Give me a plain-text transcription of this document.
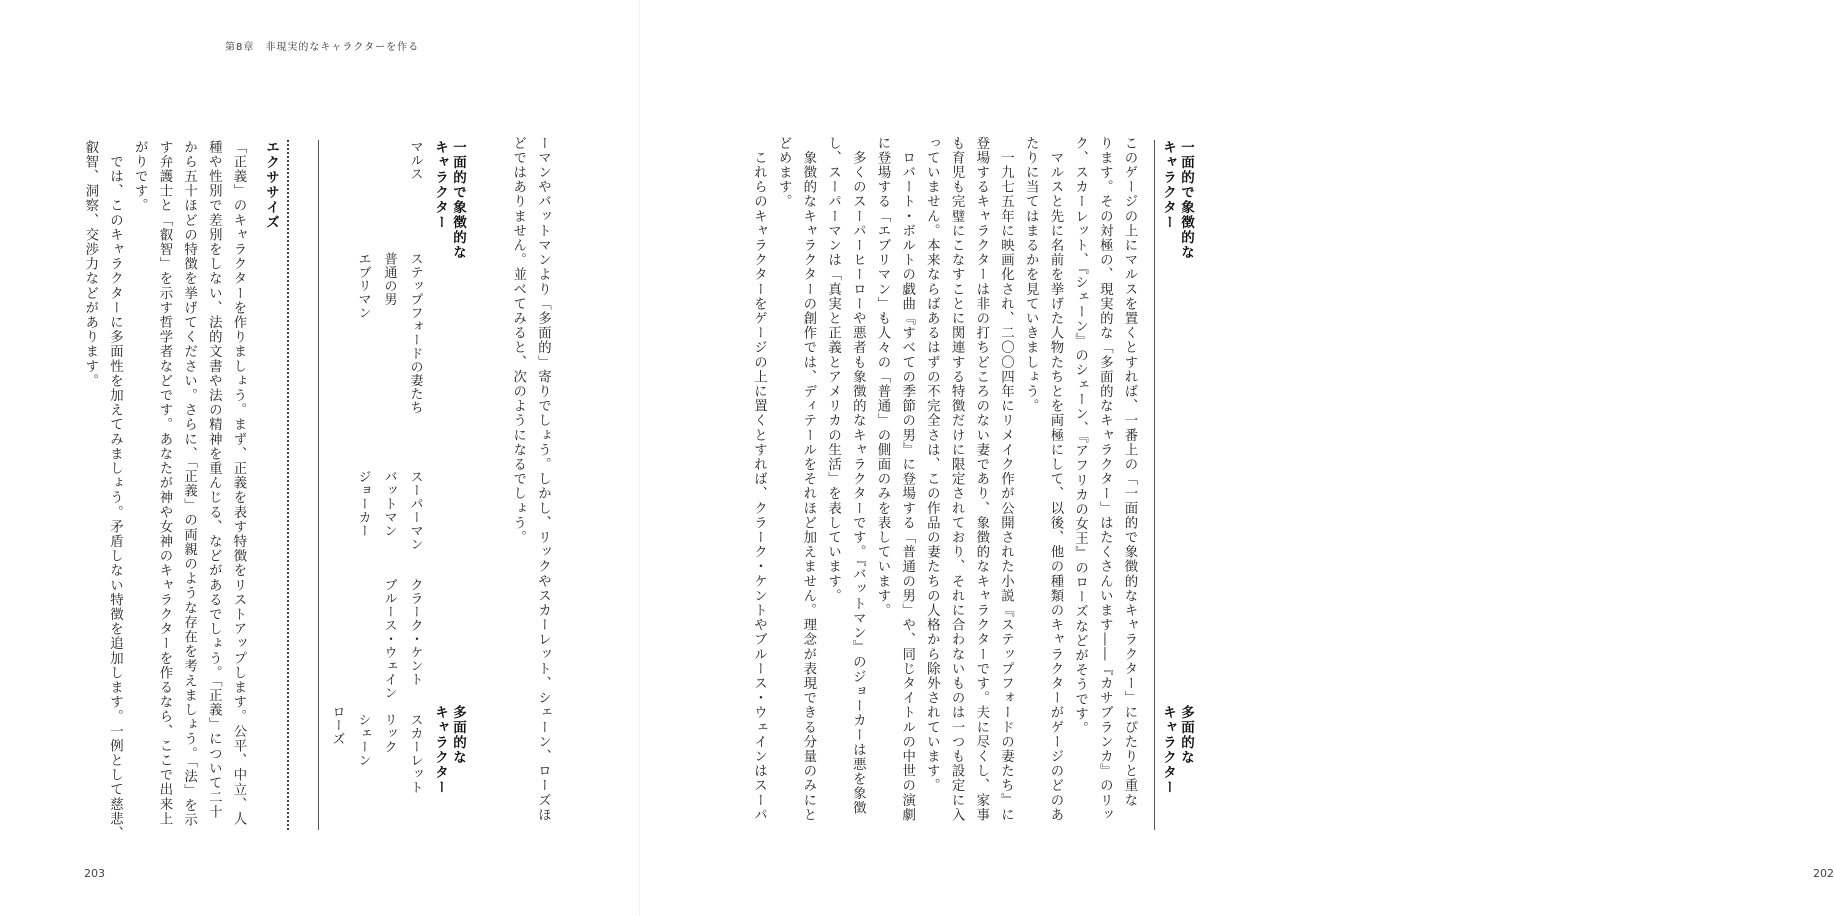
第8章　非現実的なキャラクターを作る
ーマンやバットマンより「多面的」寄りでしょう。しかし、リックやスカーレット、シェーン、ローズほ
どではありません。並べてみると、次のようになるでしょう。
一面的で象徴的な
キャラクター
多面的な
キャラクター
マルス
ステップフォードの妻たち
普通の男
エブリマン
スーパーマン　　クラーク・ケント　　スカーレット
バットマン　　　ブルース・ウェイン　リック
ジョーカー　　　　　　　　　　　　　シェーン
ローズ
エクササイズ
「正義」のキャラクターを作りましょう。まず、正義を表す特徴をリストアップします。公平、中立、人
種や性別で差別をしない、法的文書や法の精神を重んじる、などがあるでしょう。「正義」について二十
から五十ほどの特徴を挙げてください。さらに、「正義」の両親のような存在を考えましょう。「法」を示
す弁護士と「叡智」を示す哲学者などです。あなたが神や女神のキャラクターを作るなら、ここで出来上
がりです。
　では、このキャラクターに多面性を加えてみましょう。矛盾しない特徴を追加します。一例として慈悲、
叡智、洞察、交渉力などがあります。
203
一面的で象徴的な
キャラクター
多面的な
キャラクター
このゲージの上にマルスを置くとすれば、一番上の「一面的で象徴的なキャラクター」にぴたりと重な
ります。その対極の、現実的な「多面的なキャラクター」はたくさんいます――『カサブランカ』のリッ
ク、スカーレット、『シェーン』のシェーン、『アフリカの女王』のローズなどがそうです。
　マルスと先に名前を挙げた人物たちとを両極にして、以後、他の種類のキャラクターがゲージのどのあ
たりに当てはまるかを見ていきましょう。
　一九七五年に映画化され、二〇〇四年にリメイク作が公開された小説『ステップフォードの妻たち』に
登場するキャラクターは非の打ちどころのない妻であり、象徴的なキャラクターです。夫に尽くし、家事
も育児も完璧にこなすことに関連する特徴だけに限定されており、それに合わないものは一つも設定に入
っていません。本来ならばあるはずの不完全さは、この作品の妻たちの人格から除外されています。
　ロバート・ボルトの戯曲『すべての季節の男』に登場する「普通の男」や、同じタイトルの中世の演劇
に登場する「エブリマン」も人々の「普通」の側面のみを表しています。
　多くのスーパーヒーローや悪者も象徴的なキャラクターです。『バットマン』のジョーカーは悪を象徴
し、スーパーマンは「真実と正義とアメリカの生活」を表しています。
　象徴的なキャラクターの創作では、ディテールをそれほど加えません。理念が表現できる分量のみにと
どめます。
　これらのキャラクターをゲージの上に置くとすれば、クラーク・ケントやブルース・ウェインはスーパ
202
